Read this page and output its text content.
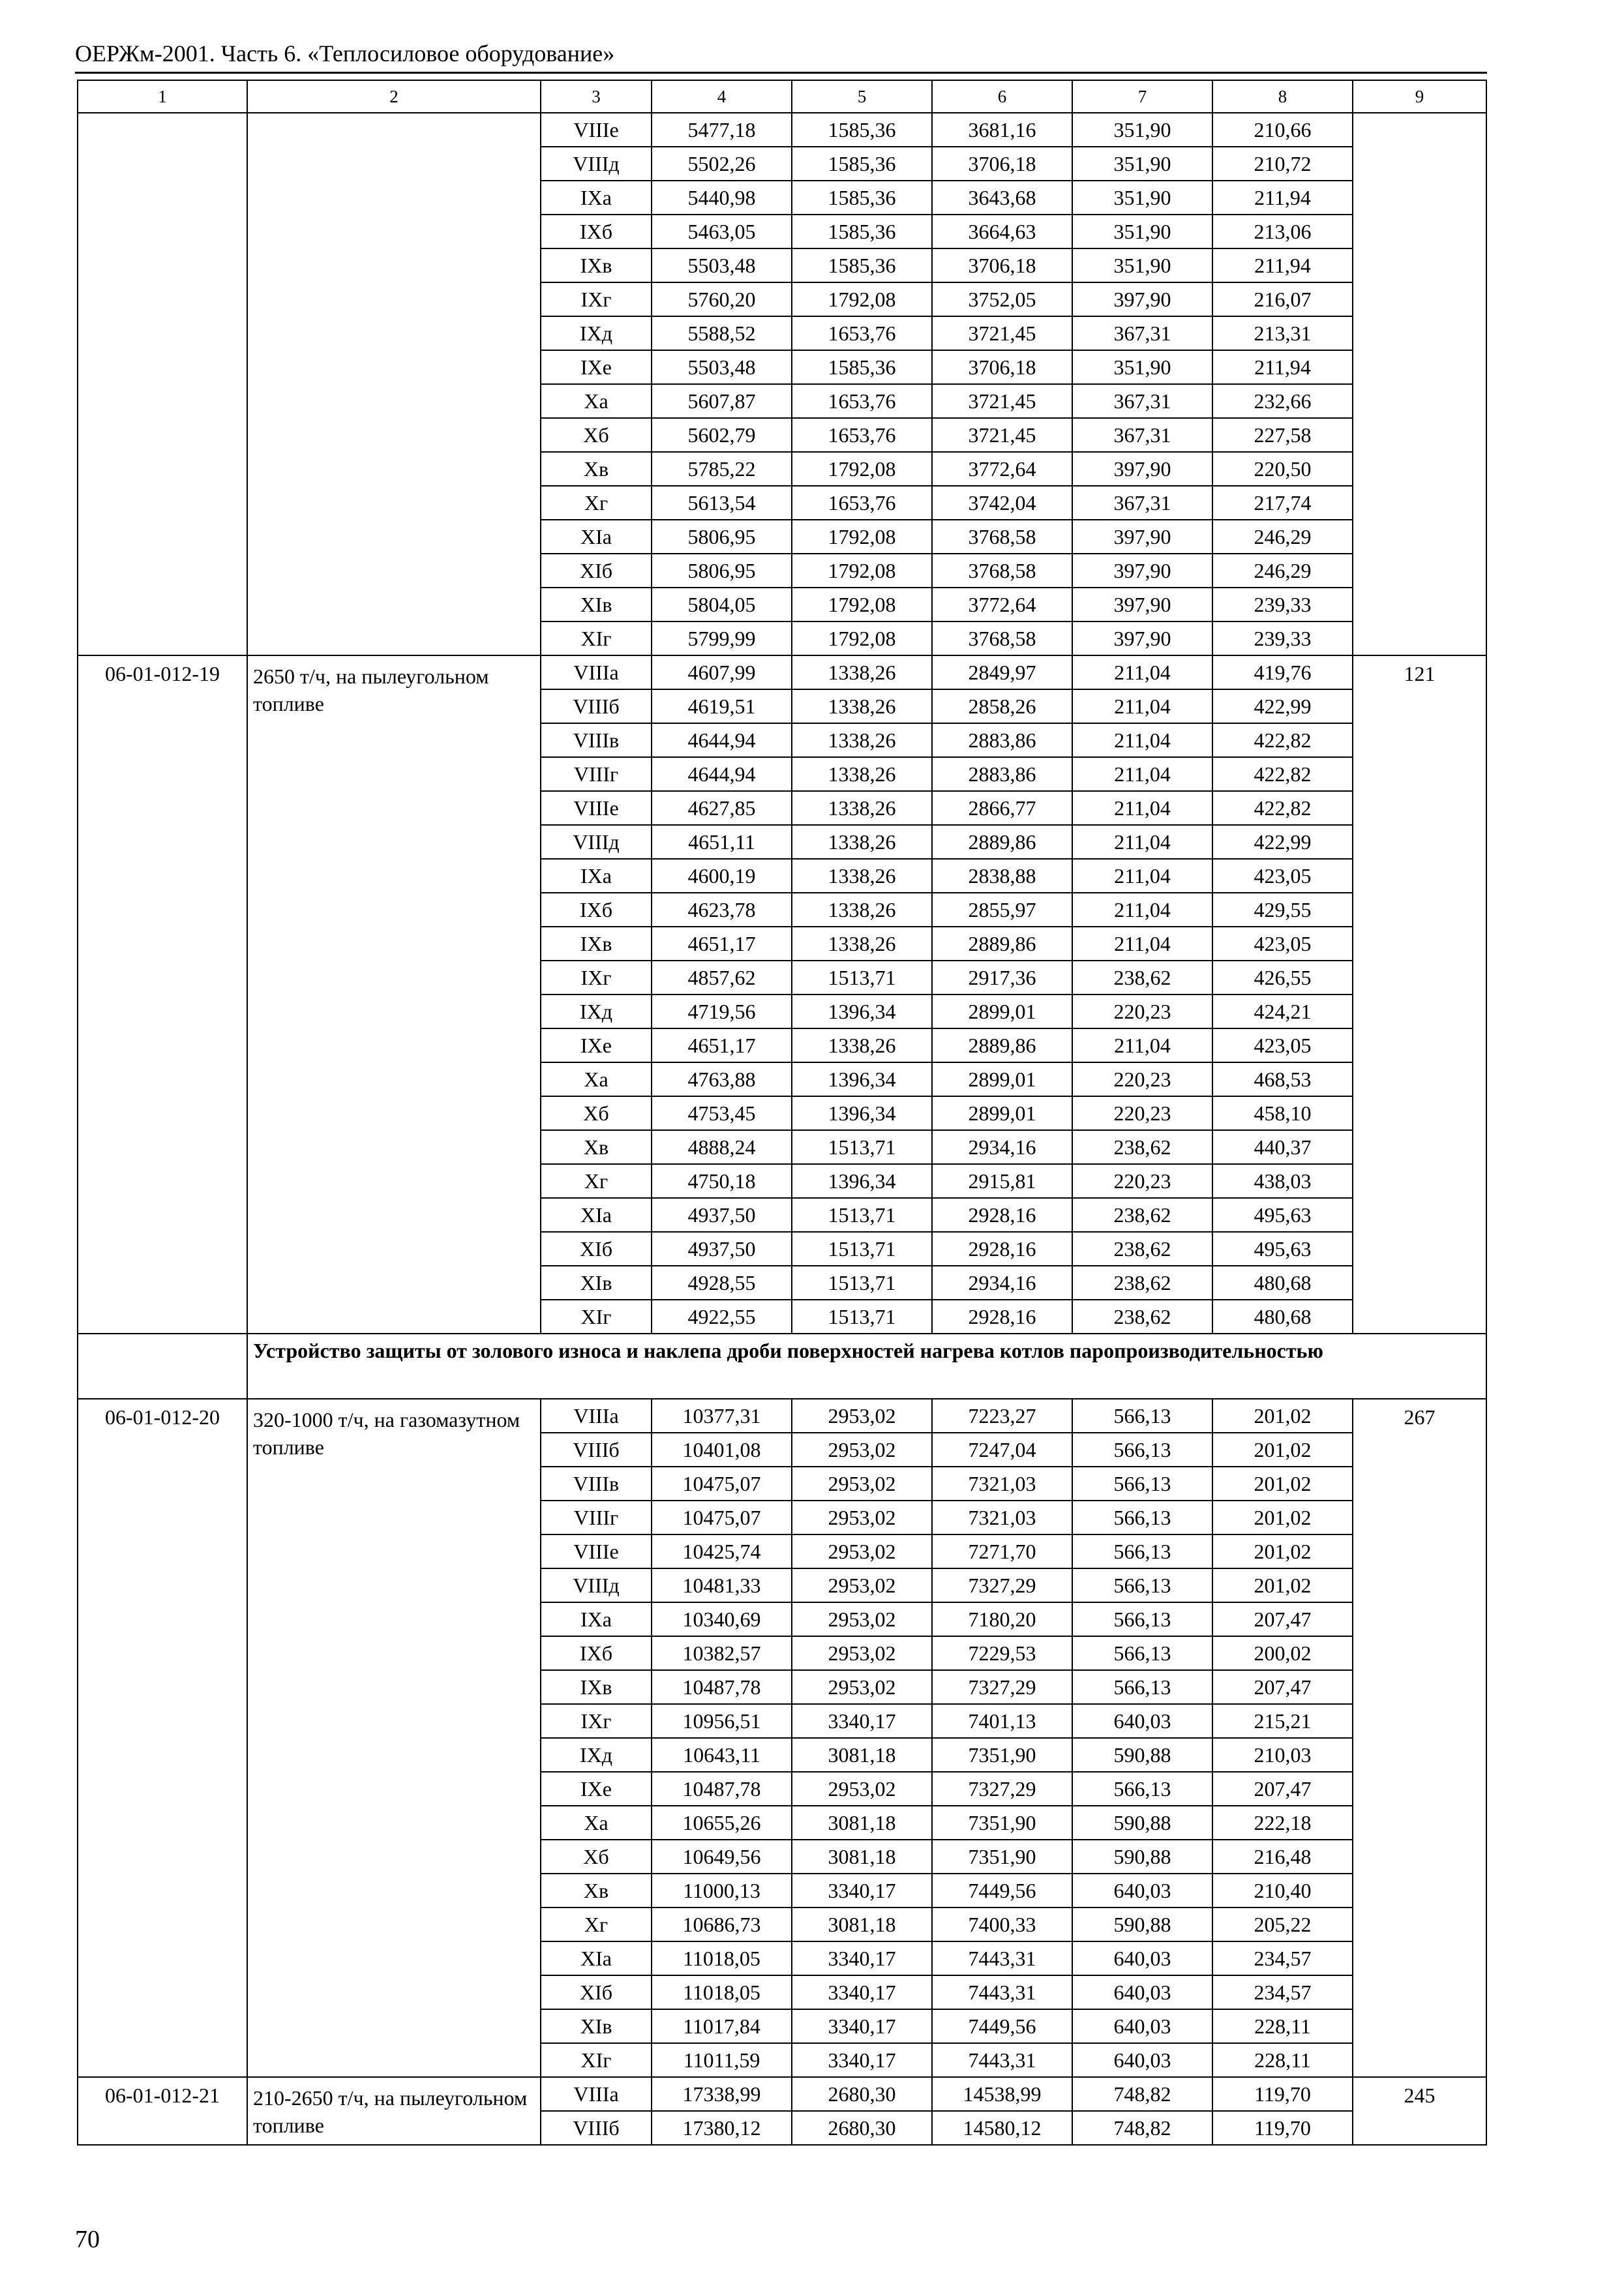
ОЕРЖм-2001. Часть 6. «Теплосиловое оборудование»
1	2	3	4	5	6	7	8	9
		VIIIе	5477,18	1585,36	3681,16	351,90	210,66	
		VIIIд	5502,26	1585,36	3706,18	351,90	210,72	
		IXа	5440,98	1585,36	3643,68	351,90	211,94	
		IXб	5463,05	1585,36	3664,63	351,90	213,06	
		IXв	5503,48	1585,36	3706,18	351,90	211,94	
		IXг	5760,20	1792,08	3752,05	397,90	216,07	
		IXд	5588,52	1653,76	3721,45	367,31	213,31	
		IXе	5503,48	1585,36	3706,18	351,90	211,94	
		Xа	5607,87	1653,76	3721,45	367,31	232,66	
		Xб	5602,79	1653,76	3721,45	367,31	227,58	
		Xв	5785,22	1792,08	3772,64	397,90	220,50	
		Xг	5613,54	1653,76	3742,04	367,31	217,74	
		XIа	5806,95	1792,08	3768,58	397,90	246,29	
		XIб	5806,95	1792,08	3768,58	397,90	246,29	
		XIв	5804,05	1792,08	3772,64	397,90	239,33	
		XIг	5799,99	1792,08	3768,58	397,90	239,33	
06-01-012-19	2650 т/ч, на пылеугольном топливе	VIIIа	4607,99	1338,26	2849,97	211,04	419,76	121
		VIIIб	4619,51	1338,26	2858,26	211,04	422,99	
		VIIIв	4644,94	1338,26	2883,86	211,04	422,82	
		VIIIг	4644,94	1338,26	2883,86	211,04	422,82	
		VIIIе	4627,85	1338,26	2866,77	211,04	422,82	
		VIIIд	4651,11	1338,26	2889,86	211,04	422,99	
		IXа	4600,19	1338,26	2838,88	211,04	423,05	
		IXб	4623,78	1338,26	2855,97	211,04	429,55	
		IXв	4651,17	1338,26	2889,86	211,04	423,05	
		IXг	4857,62	1513,71	2917,36	238,62	426,55	
		IXд	4719,56	1396,34	2899,01	220,23	424,21	
		IXе	4651,17	1338,26	2889,86	211,04	423,05	
		Xа	4763,88	1396,34	2899,01	220,23	468,53	
		Xб	4753,45	1396,34	2899,01	220,23	458,10	
		Xв	4888,24	1513,71	2934,16	238,62	440,37	
		Xг	4750,18	1396,34	2915,81	220,23	438,03	
		XIа	4937,50	1513,71	2928,16	238,62	495,63	
		XIб	4937,50	1513,71	2928,16	238,62	495,63	
		XIв	4928,55	1513,71	2934,16	238,62	480,68	
		XIг	4922,55	1513,71	2928,16	238,62	480,68	
	Устройство защиты от золового износа и наклепа дроби поверхностей нагрева котлов паропроизводительностью							
06-01-012-20	320-1000 т/ч, на газомазутном топливе	VIIIа	10377,31	2953,02	7223,27	566,13	201,02	267
		VIIIб	10401,08	2953,02	7247,04	566,13	201,02	
		VIIIв	10475,07	2953,02	7321,03	566,13	201,02	
		VIIIг	10475,07	2953,02	7321,03	566,13	201,02	
		VIIIе	10425,74	2953,02	7271,70	566,13	201,02	
		VIIIд	10481,33	2953,02	7327,29	566,13	201,02	
		IXа	10340,69	2953,02	7180,20	566,13	207,47	
		IXб	10382,57	2953,02	7229,53	566,13	200,02	
		IXв	10487,78	2953,02	7327,29	566,13	207,47	
		IXг	10956,51	3340,17	7401,13	640,03	215,21	
		IXд	10643,11	3081,18	7351,90	590,88	210,03	
		IXе	10487,78	2953,02	7327,29	566,13	207,47	
		Xа	10655,26	3081,18	7351,90	590,88	222,18	
		Xб	10649,56	3081,18	7351,90	590,88	216,48	
		Xв	11000,13	3340,17	7449,56	640,03	210,40	
		Xг	10686,73	3081,18	7400,33	590,88	205,22	
		XIа	11018,05	3340,17	7443,31	640,03	234,57	
		XIб	11018,05	3340,17	7443,31	640,03	234,57	
		XIв	11017,84	3340,17	7449,56	640,03	228,11	
		XIг	11011,59	3340,17	7443,31	640,03	228,11	
06-01-012-21	210-2650 т/ч, на пылеугольном топливе	VIIIа	17338,99	2680,30	14538,99	748,82	119,70	245
		VIIIб	17380,12	2680,30	14580,12	748,82	119,70	
70
